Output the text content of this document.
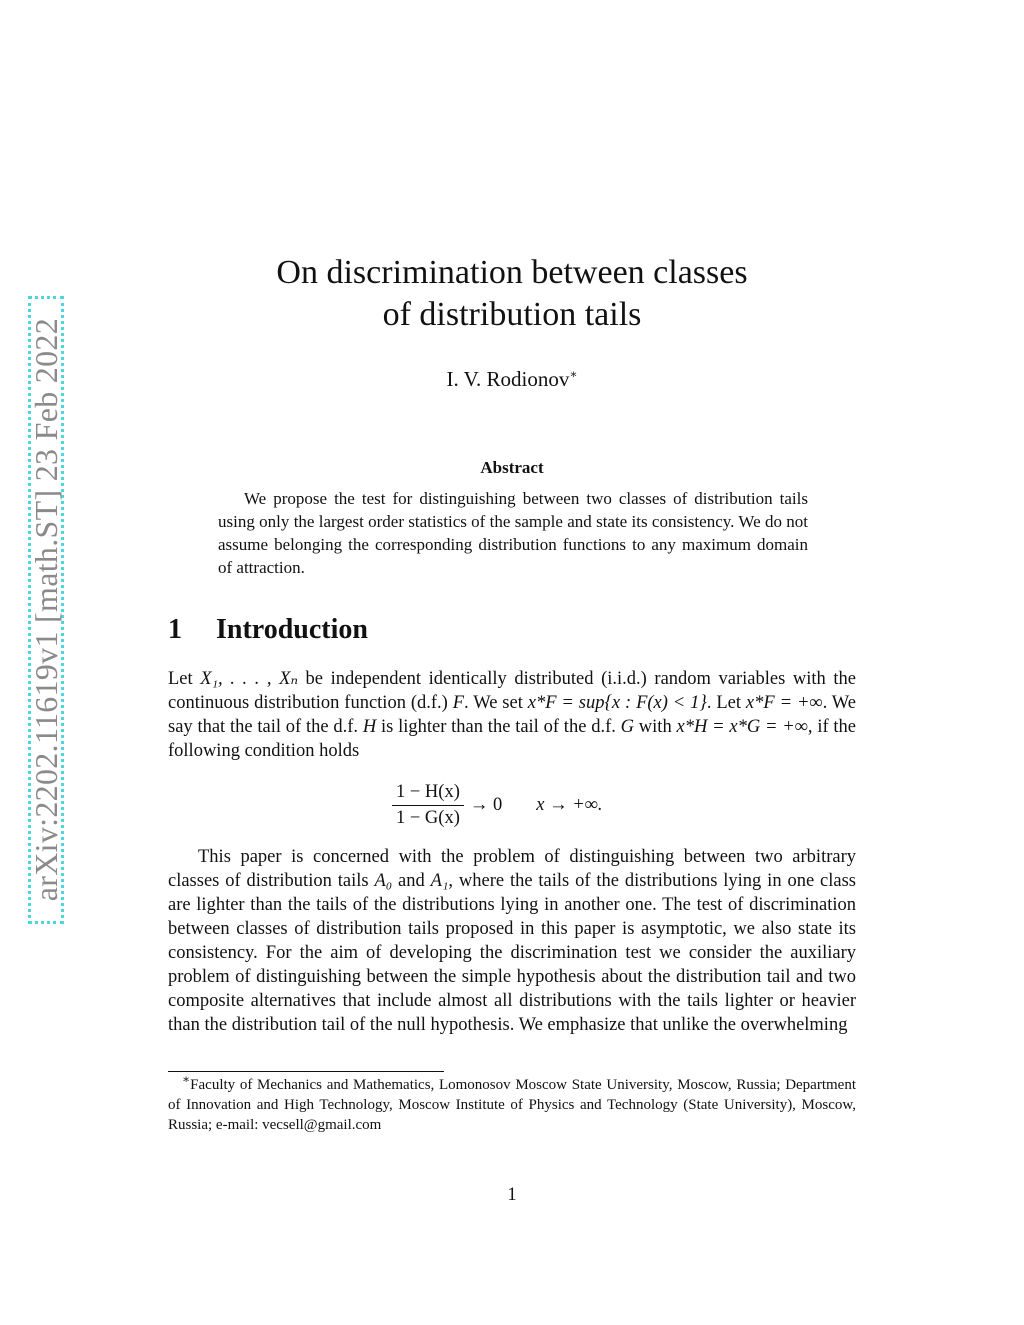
arXiv:2202.11619v1 [math.ST] 23 Feb 2022
On discrimination between classes
of distribution tails
I. V. Rodionov∗
Abstract

We propose the test for distinguishing between two classes of distribution tails using only the largest order statistics of the sample and state its consistency. We do not assume belonging the corresponding distribution functions to any maximum domain of attraction.

1 Introduction

Let X₁, . . . , Xₙ be independent identically distributed (i.i.d.) random variables with the continuous distribution function (d.f.) F. We set x*F = sup{x : F(x) < 1}. Let x*F = +∞. We say that the tail of the d.f. H is lighter than the tail of the d.f. G with x*H = x*G = +∞, if the following condition holds

$\frac{1 - H(x)}{1 - G(x)} \to 0$ x → +∞.

This paper is concerned with the problem of distinguishing between two arbitrary classes of distribution tails A₀ and A₁, where the tails of the distributions lying in one class are lighter than the tails of the distributions lying in another one. The test of discrimination between classes of distribution tails proposed in this paper is asymptotic, we also state its consistency. For the aim of developing the discrimination test we consider the auxiliary problem of distinguishing between the simple hypothesis about the distribution tail and two composite alternatives that include almost all distributions with the tails lighter or heavier than the distribution tail of the null hypothesis. We emphasize that unlike the overwhelming

∗Faculty of Mechanics and Mathematics, Lomonosov Moscow State University, Moscow, Russia; Department of Innovation and High Technology, Moscow Institute of Physics and Technology (State University), Moscow, Russia; e-mail: vecsell@gmail.com

1
